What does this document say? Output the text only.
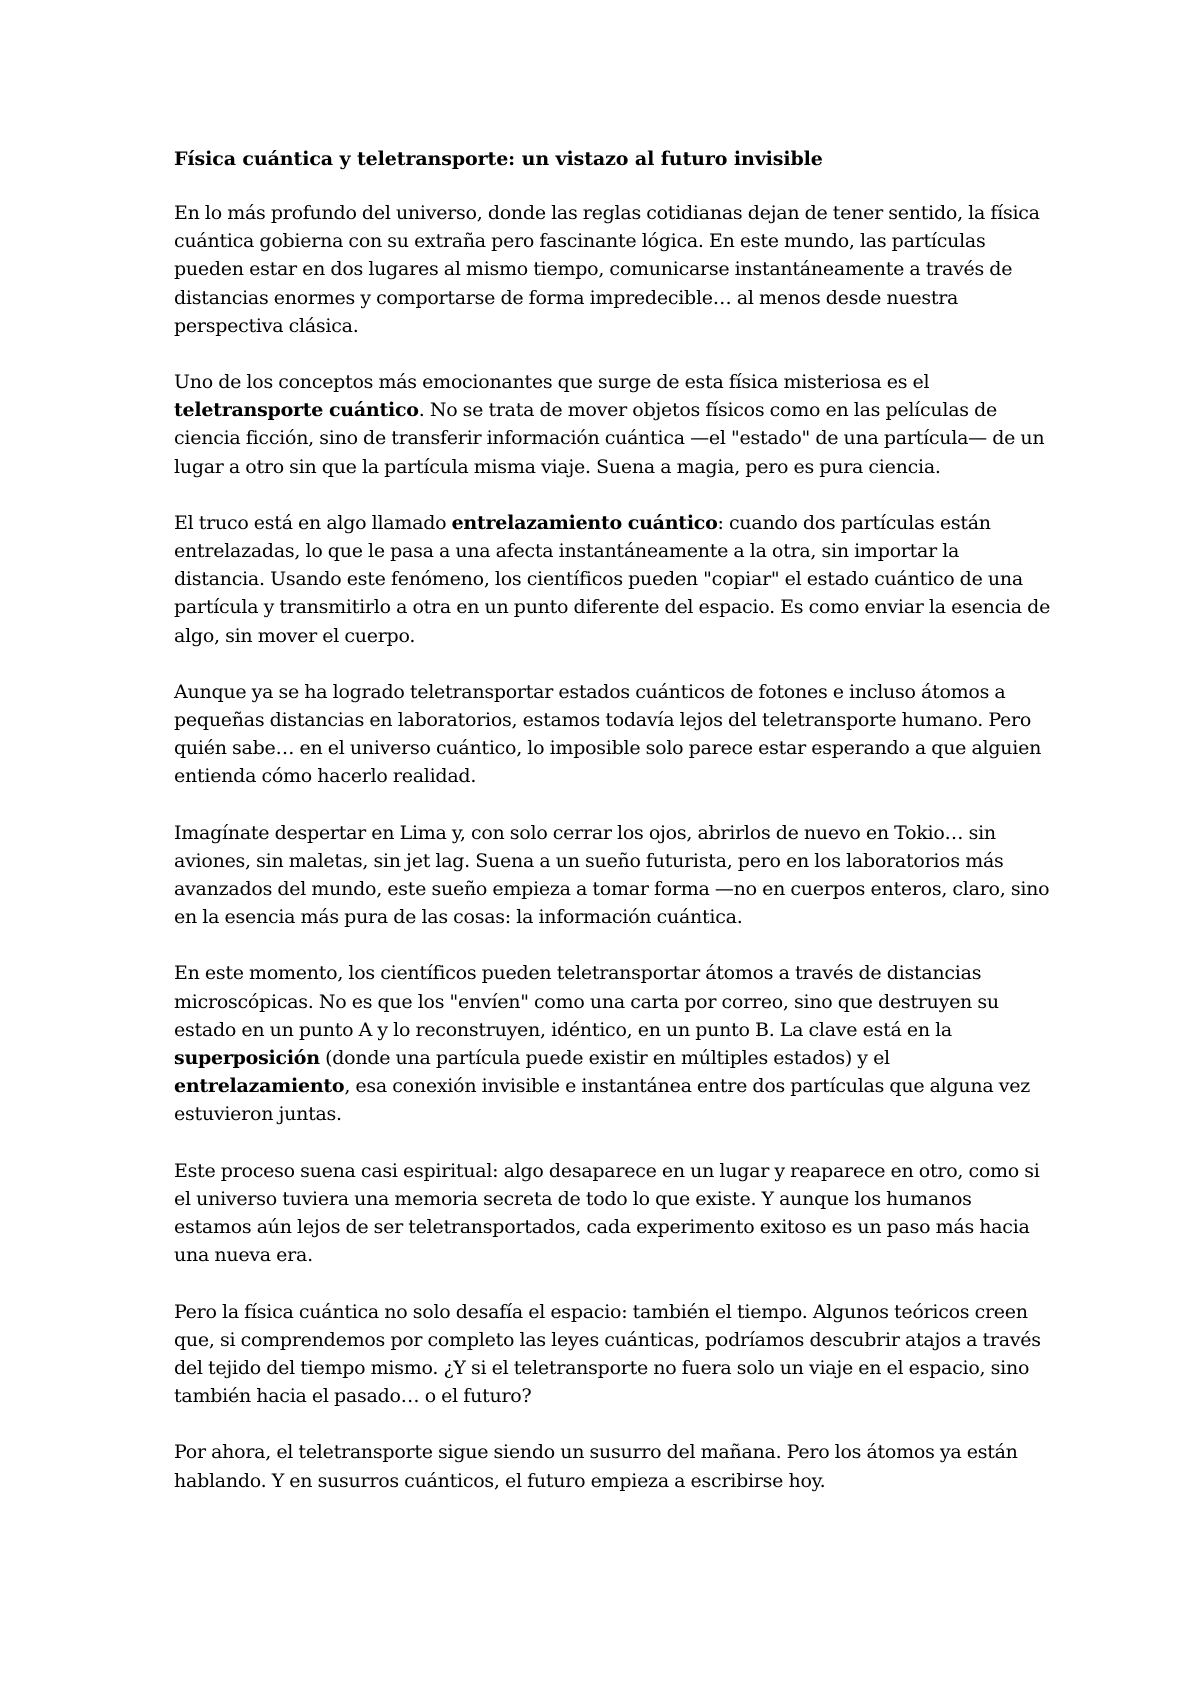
Física cuántica y teletransporte: un vistazo al futuro invisible

En lo más profundo del universo, donde las reglas cotidianas dejan de tener sentido, la física cuántica gobierna con su extraña pero fascinante lógica. En este mundo, las partículas pueden estar en dos lugares al mismo tiempo, comunicarse instantáneamente a través de distancias enormes y comportarse de forma impredecible… al menos desde nuestra perspectiva clásica.

Uno de los conceptos más emocionantes que surge de esta física misteriosa es el teletransporte cuántico. No se trata de mover objetos físicos como en las películas de ciencia ficción, sino de transferir información cuántica —el "estado" de una partícula— de un lugar a otro sin que la partícula misma viaje. Suena a magia, pero es pura ciencia.

El truco está en algo llamado entrelazamiento cuántico: cuando dos partículas están entrelazadas, lo que le pasa a una afecta instantáneamente a la otra, sin importar la distancia. Usando este fenómeno, los científicos pueden "copiar" el estado cuántico de una partícula y transmitirlo a otra en un punto diferente del espacio. Es como enviar la esencia de algo, sin mover el cuerpo.

Aunque ya se ha logrado teletransportar estados cuánticos de fotones e incluso átomos a pequeñas distancias en laboratorios, estamos todavía lejos del teletransporte humano. Pero quién sabe… en el universo cuántico, lo imposible solo parece estar esperando a que alguien entienda cómo hacerlo realidad.

Imagínate despertar en Lima y, con solo cerrar los ojos, abrirlos de nuevo en Tokio… sin aviones, sin maletas, sin jet lag. Suena a un sueño futurista, pero en los laboratorios más avanzados del mundo, este sueño empieza a tomar forma —no en cuerpos enteros, claro, sino en la esencia más pura de las cosas: la información cuántica.

En este momento, los científicos pueden teletransportar átomos a través de distancias microscópicas. No es que los "envíen" como una carta por correo, sino que destruyen su estado en un punto A y lo reconstruyen, idéntico, en un punto B. La clave está en la superposición (donde una partícula puede existir en múltiples estados) y el entrelazamiento, esa conexión invisible e instantánea entre dos partículas que alguna vez estuvieron juntas.

Este proceso suena casi espiritual: algo desaparece en un lugar y reaparece en otro, como si el universo tuviera una memoria secreta de todo lo que existe. Y aunque los humanos estamos aún lejos de ser teletransportados, cada experimento exitoso es un paso más hacia una nueva era.

Pero la física cuántica no solo desafía el espacio: también el tiempo. Algunos teóricos creen que, si comprendemos por completo las leyes cuánticas, podríamos descubrir atajos a través del tejido del tiempo mismo. ¿Y si el teletransporte no fuera solo un viaje en el espacio, sino también hacia el pasado… o el futuro?

Por ahora, el teletransporte sigue siendo un susurro del mañana. Pero los átomos ya están hablando. Y en susurros cuánticos, el futuro empieza a escribirse hoy.
